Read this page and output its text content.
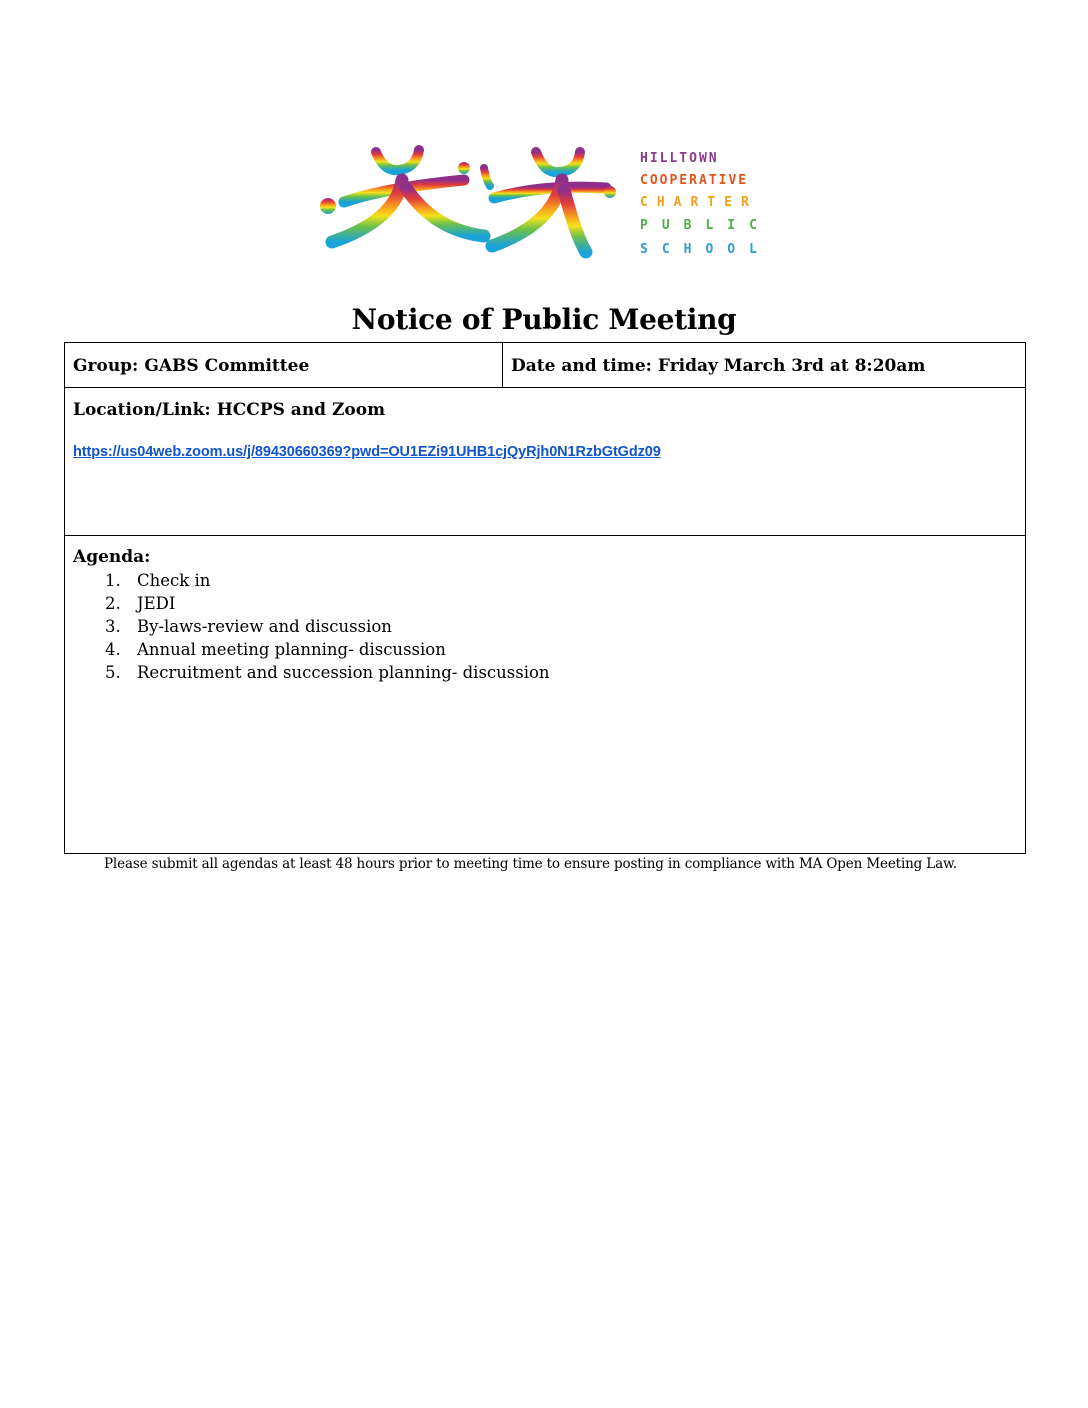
HILLTOWN
COOPERATIVE
CHARTER
PUBLIC
SCHOOL
Notice of Public Meeting
Group: GABS Committee	Date and time: Friday March 3rd at 8:20am
Location/Link: HCCPS and Zoom
https://us04web.zoom.us/j/89430660369?pwd=OU1EZi91UHB1cjQyRjh0N1RzbGtGdz09
Agenda:
1. Check in
2. JEDI
3. By-laws-review and discussion
4. Annual meeting planning- discussion
5. Recruitment and succession planning- discussion
Please submit all agendas at least 48 hours prior to meeting time to ensure posting in compliance with MA Open Meeting Law.
